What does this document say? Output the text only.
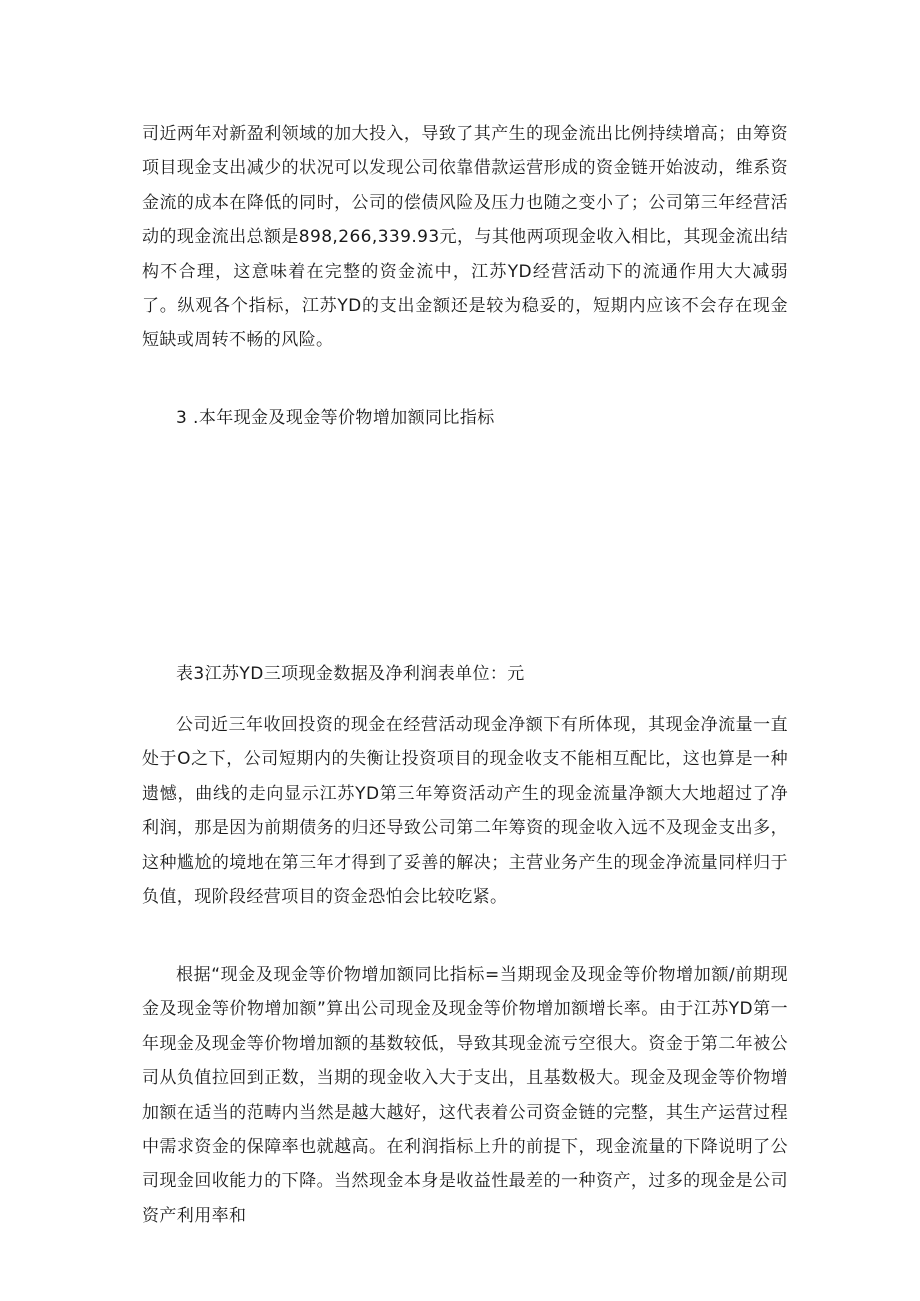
司近两年对新盈利领域的加大投入，导致了其产生的现金流出比例持续增高；由筹资项目现金支出减少的状况可以发现公司依靠借款运营形成的资金链开始波动，维系资金流的成本在降低的同时，公司的偿债风险及压力也随之变小了；公司第三年经营活动的现金流出总额是898,266,339.93元，与其他两项现金收入相比，其现金流出结构不合理，这意味着在完整的资金流中，江苏YD经营活动下的流通作用大大减弱了。纵观各个指标，江苏YD的支出金额还是较为稳妥的，短期内应该不会存在现金短缺或周转不畅的风险。

3 .本年现金及现金等价物增加额同比指标

表3江苏YD三项现金数据及净利润表单位：元

公司近三年收回投资的现金在经营活动现金净额下有所体现，其现金净流量一直处于O之下，公司短期内的失衡让投资项目的现金收支不能相互配比，这也算是一种遗憾，曲线的走向显示江苏YD第三年筹资活动产生的现金流量净额大大地超过了净利润，那是因为前期债务的归还导致公司第二年筹资的现金收入远不及现金支出多，这种尴尬的境地在第三年才得到了妥善的解决；主营业务产生的现金净流量同样归于负值，现阶段经营项目的资金恐怕会比较吃紧。

根据“现金及现金等价物增加额同比指标=当期现金及现金等价物增加额/前期现金及现金等价物增加额”算出公司现金及现金等价物增加额增长率。由于江苏YD第一年现金及现金等价物增加额的基数较低，导致其现金流亏空很大。资金于第二年被公司从负值拉回到正数，当期的现金收入大于支出，且基数极大。现金及现金等价物增加额在适当的范畴内当然是越大越好，这代表着公司资金链的完整，其生产运营过程中需求资金的保障率也就越高。在利润指标上升的前提下，现金流量的下降说明了公司现金回收能力的下降。当然现金本身是收益性最差的一种资产，过多的现金是公司资产利用率和
